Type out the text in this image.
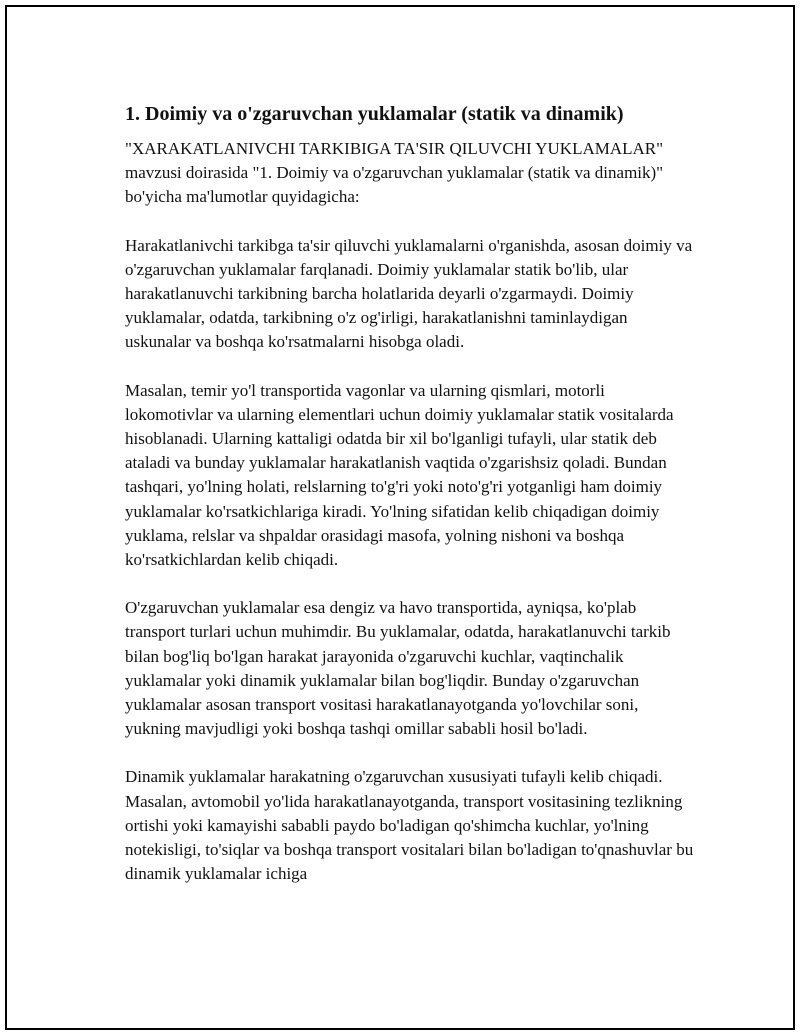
1. Doimiy va o'zgaruvchan yuklamalar (statik va dinamik)

"XARAKATLANIVCHI TARKIBIGA TA'SIR QILUVCHI YUKLAMALAR" mavzusi doirasida "1. Doimiy va o'zgaruvchan yuklamalar (statik va dinamik)" bo'yicha ma'lumotlar quyidagicha:

Harakatlanivchi tarkibga ta'sir qiluvchi yuklamalarni o'rganishda, asosan doimiy va o'zgaruvchan yuklamalar farqlanadi. Doimiy yuklamalar statik bo'lib, ular harakatlanuvchi tarkibning barcha holatlarida deyarli o'zgarmaydi. Doimiy yuklamalar, odatda, tarkibning o'z og'irligi, harakatlanishni taminlaydigan uskunalar va boshqa ko'rsatmalarni hisobga oladi.

Masalan, temir yo'l transportida vagonlar va ularning qismlari, motorli lokomotivlar va ularning elementlari uchun doimiy yuklamalar statik vositalarda hisoblanadi. Ularning kattaligi odatda bir xil bo'lganligi tufayli, ular statik deb ataladi va bunday yuklamalar harakatlanish vaqtida o'zgarishsiz qoladi. Bundan tashqari, yo'lning holati, relslarning to'g'ri yoki noto'g'ri yotganligi ham doimiy yuklamalar ko'rsatkichlariga kiradi. Yo'lning sifatidan kelib chiqadigan doimiy yuklama, relslar va shpaldar orasidagi masofa, yolning nishoni va boshqa ko'rsatkichlardan kelib chiqadi.

O'zgaruvchan yuklamalar esa dengiz va havo transportida, ayniqsa, ko'plab transport turlari uchun muhimdir. Bu yuklamalar, odatda, harakatlanuvchi tarkib bilan bog'liq bo'lgan harakat jarayonida o'zgaruvchi kuchlar, vaqtinchalik yuklamalar yoki dinamik yuklamalar bilan bog'liqdir. Bunday o'zgaruvchan yuklamalar asosan transport vositasi harakatlanayotganda yo'lovchilar soni, yukning mavjudligi yoki boshqa tashqi omillar sababli hosil bo'ladi.

Dinamik yuklamalar harakatning o'zgaruvchan xususiyati tufayli kelib chiqadi. Masalan, avtomobil yo'lida harakatlanayotganda, transport vositasining tezlikning ortishi yoki kamayishi sababli paydo bo'ladigan qo'shimcha kuchlar, yo'lning notekisligi, to'siqlar va boshqa transport vositalari bilan bo'ladigan to'qnashuvlar bu dinamik yuklamalar ichiga
